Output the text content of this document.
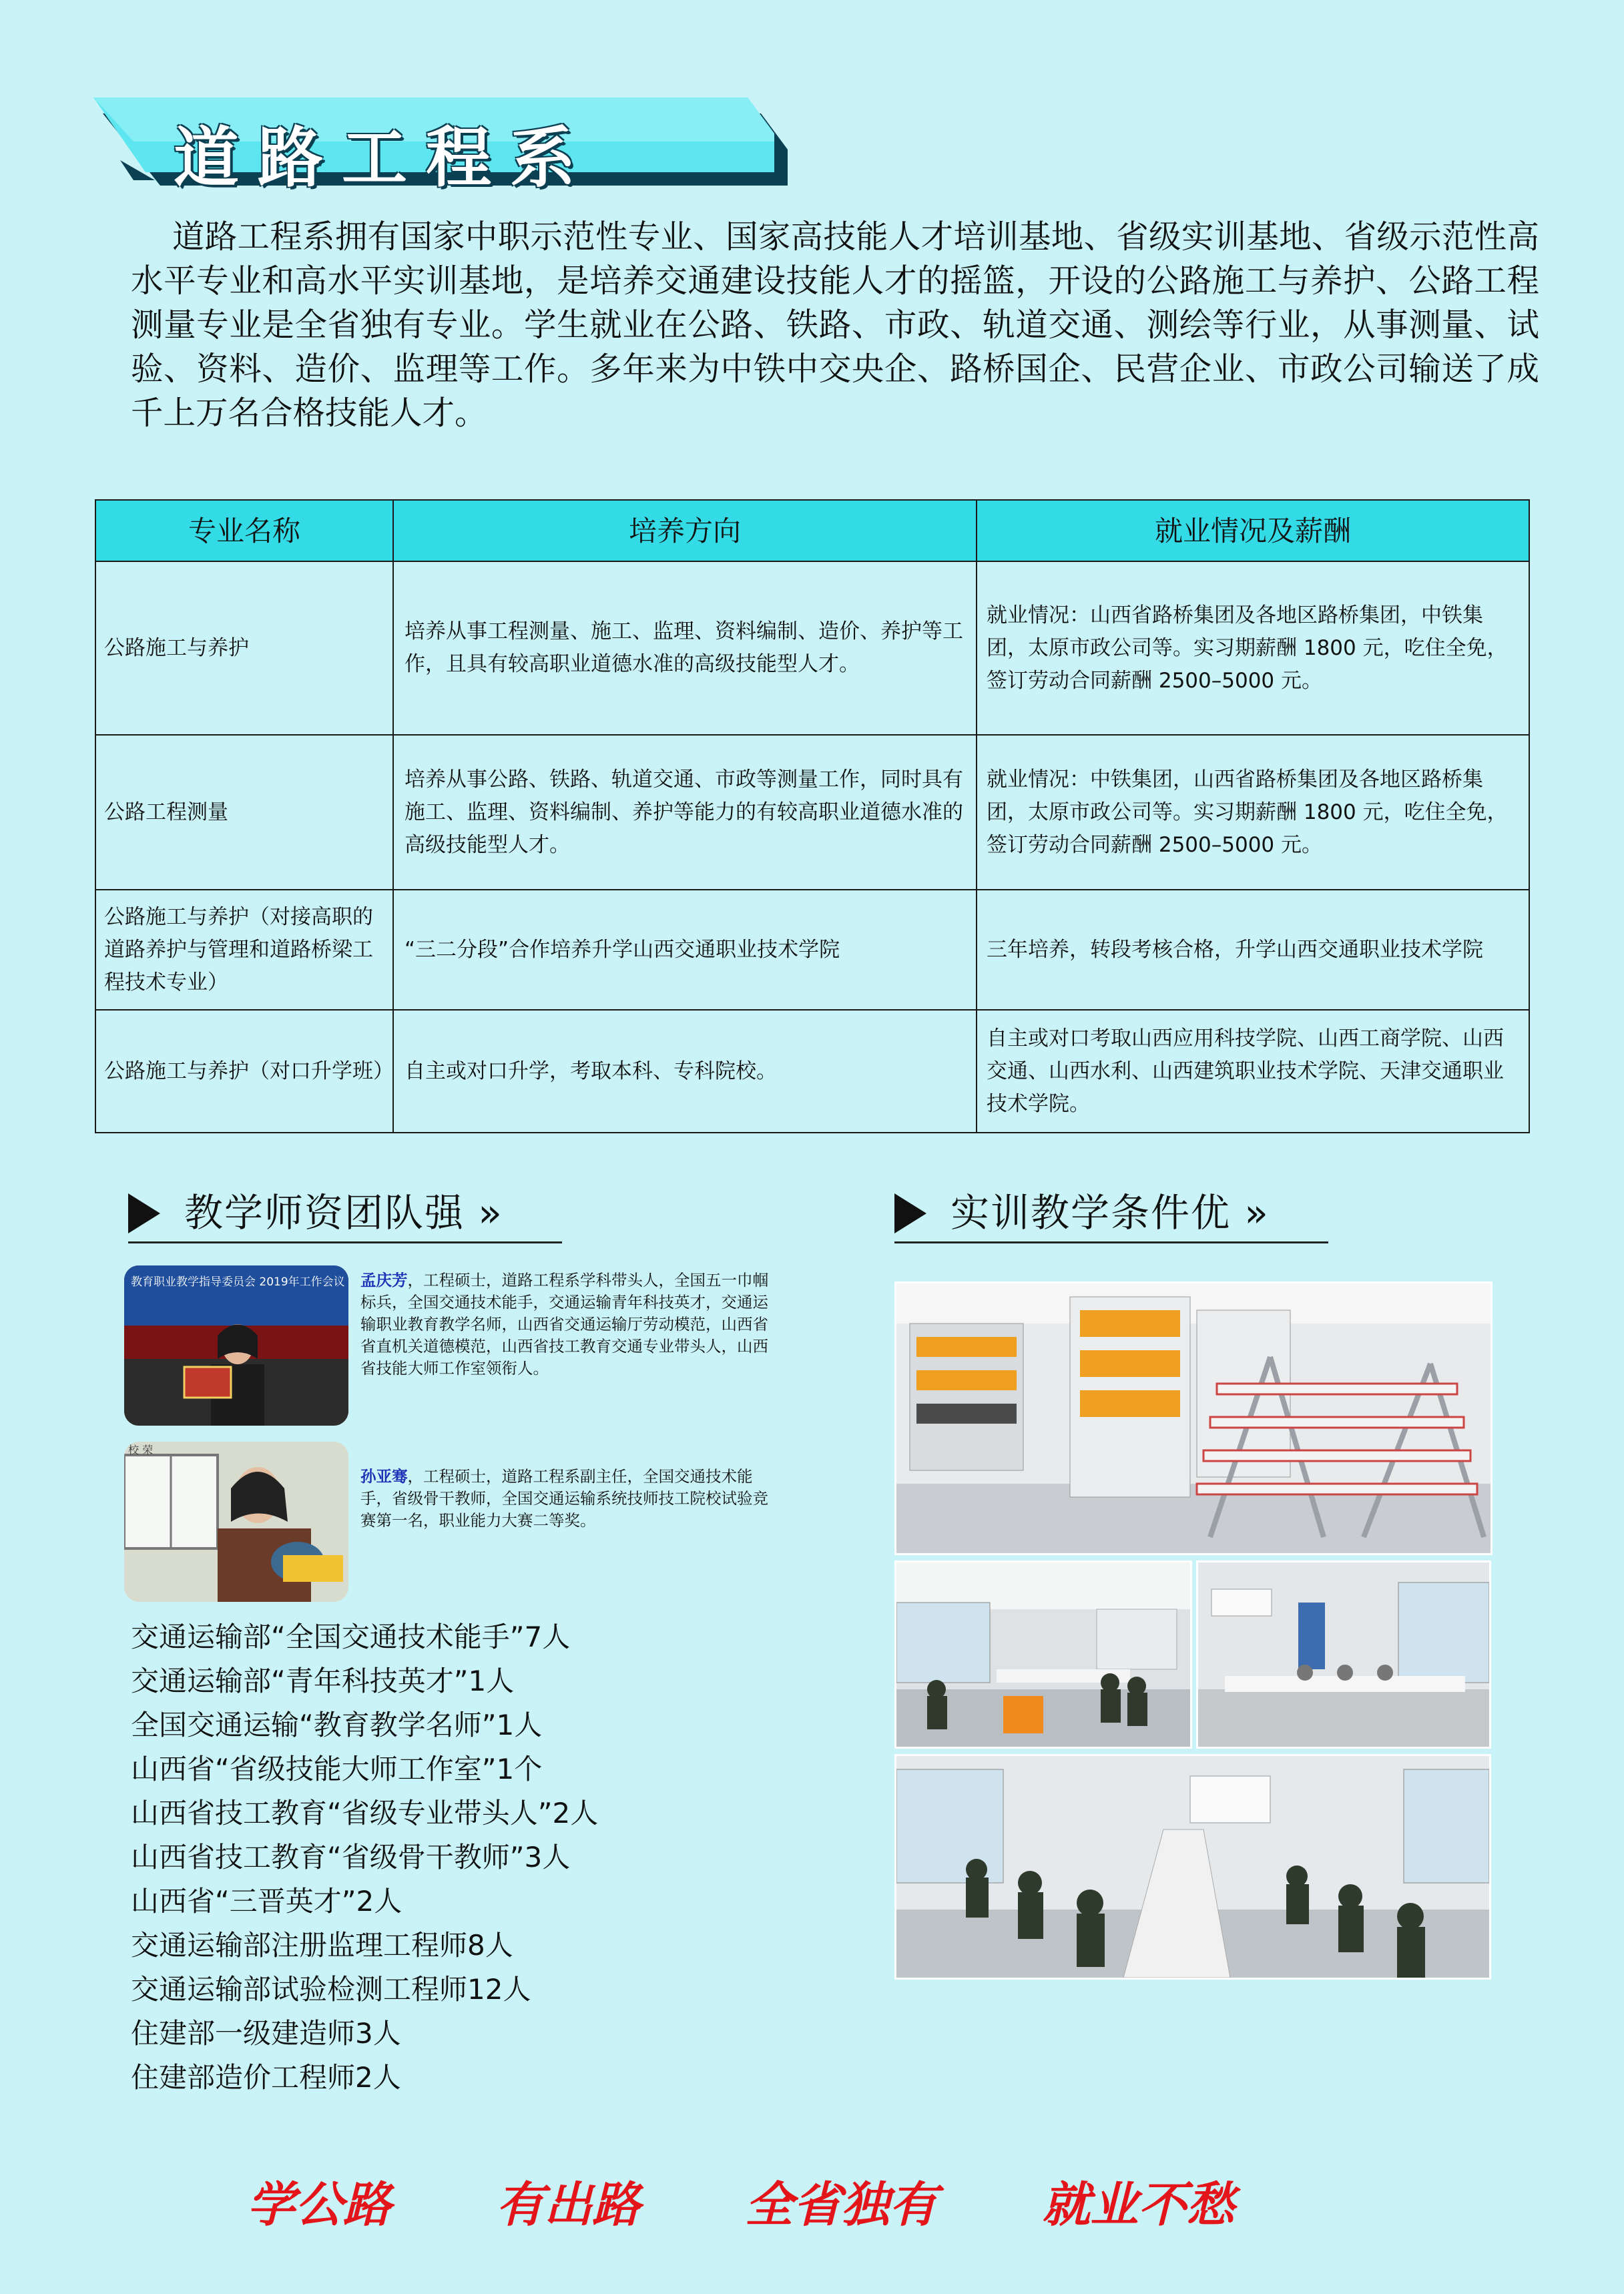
道路工程系
道路工程系拥有国家中职示范性专业、国家高技能人才培训基地、省级实训基地、省级示范性高水平专业和高水平实训基地，是培养交通建设技能人才的摇篮，开设的公路施工与养护、公路工程测量专业是全省独有专业。学生就业在公路、铁路、市政、轨道交通、测绘等行业，从事测量、试验、资料、造价、监理等工作。多年来为中铁中交央企、路桥国企、民营企业、市政公司输送了成千上万名合格技能人才。
专业名称	培养方向	就业情况及薪酬
公路施工与养护	培养从事工程测量、施工、监理、资料编制、造价、养护等工作，且具有较高职业道德水准的高级技能型人才。	就业情况：山西省路桥集团及各地区路桥集团，中铁集团，太原市政公司等。实习期薪酬 1800 元，吃住全免，签订劳动合同薪酬 2500–5000 元。
公路工程测量	培养从事公路、铁路、轨道交通、市政等测量工作，同时具有施工、监理、资料编制、养护等能力的有较高职业道德水准的高级技能型人才。	就业情况：中铁集团，山西省路桥集团及各地区路桥集团，太原市政公司等。实习期薪酬 1800 元，吃住全免，签订劳动合同薪酬 2500–5000 元。
公路施工与养护（对接高职的道路养护与管理和道路桥梁工程技术专业）	“三二分段”合作培养升学山西交通职业技术学院	三年培养，转段考核合格，升学山西交通职业技术学院
公路施工与养护（对口升学班）	自主或对口升学，考取本科、专科院校。	自主或对口考取山西应用科技学院、山西工商学院、山西交通、山西水利、山西建筑职业技术学院、天津交通职业技术学院。
教学师资团队强 »	实训教学条件优 »
教育职业教学指导委员会 2019年工作会议 孟庆芳，工程硕士，道路工程系学科带头人，全国五一巾帼标兵，全国交通技术能手，交通运输青年科技英才，交通运输职业教育教学名师，山西省交通运输厅劳动模范，山西省省直机关道德模范，山西省技工教育交通专业带头人，山西省技能大师工作室领衔人。
校 荣
孙亚骞，工程硕士，道路工程系副主任，全国交通技术能手，省级骨干教师，全国交通运输系统技师技工院校试验竞赛第一名，职业能力大赛二等奖。
交通运输部“全国交通技术能手”7人
交通运输部“青年科技英才”1人
全国交通运输“教育教学名师”1人
山西省“省级技能大师工作室”1个
山西省技工教育“省级专业带头人”2人
山西省技工教育“省级骨干教师”3人
山西省“三晋英才”2人
交通运输部注册监理工程师8人
交通运输部试验检测工程师12人
住建部一级建造师3人
住建部造价工程师2人
学公路 有出路 全省独有 就业不愁
